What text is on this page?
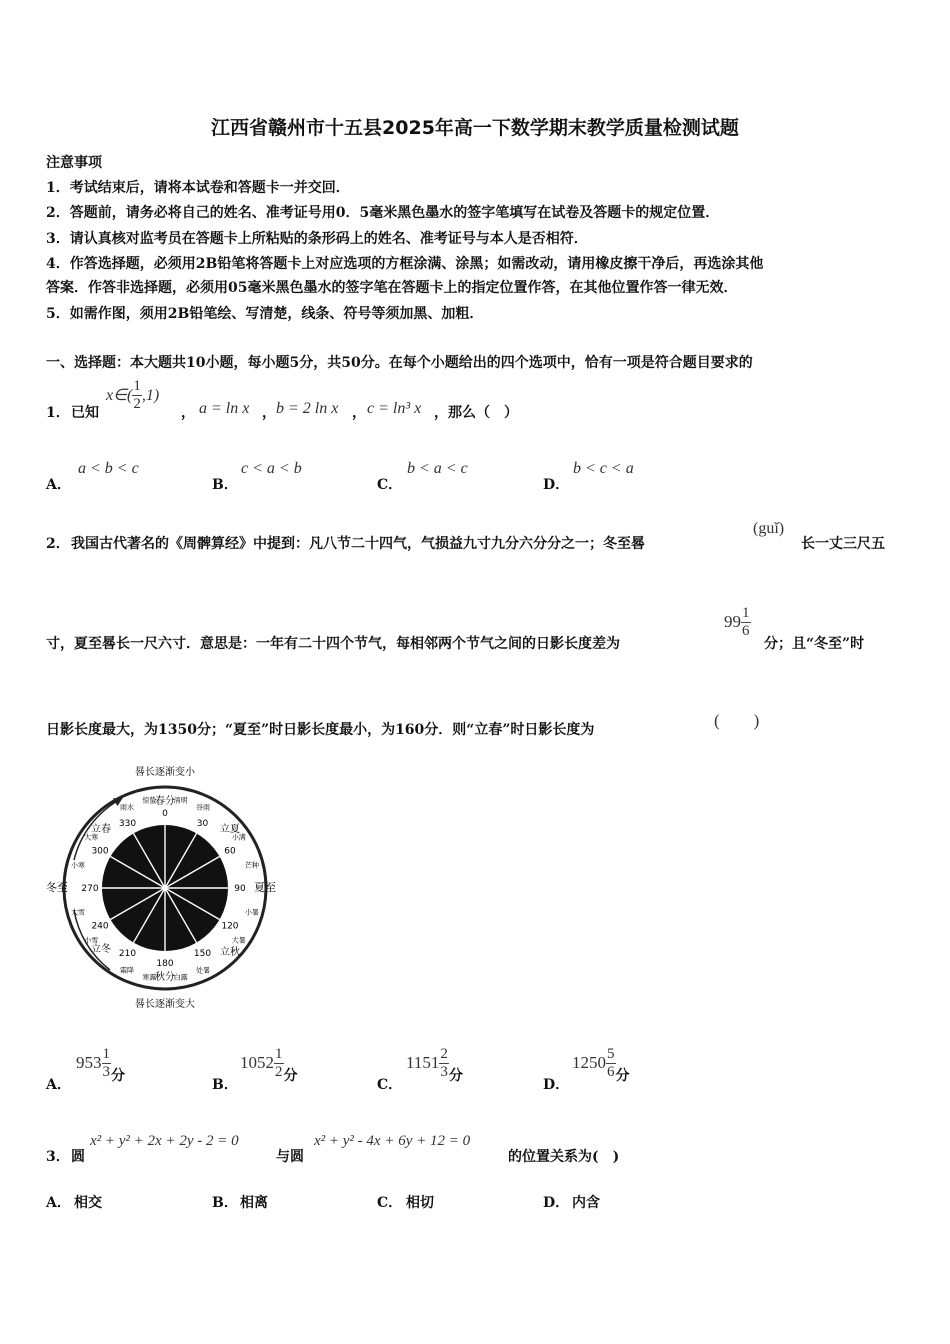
江西省赣州市十五县2025年高一下数学期末教学质量检测试题
注意事项
1．考试结束后，请将本试卷和答题卡一并交回．
2．答题前，请务必将自己的姓名、准考证号用0．5毫米黑色墨水的签字笔填写在试卷及答题卡的规定位置．
3．请认真核对监考员在答题卡上所粘贴的条形码上的姓名、准考证号与本人是否相符．
4．作答选择题，必须用2B铅笔将答题卡上对应选项的方框涂满、涂黑；如需改动，请用橡皮擦干净后，再选涂其他
答案．作答非选择题，必须用05毫米黑色墨水的签字笔在答题卡上的指定位置作答，在其他位置作答一律无效．
5．如需作图，须用2B铅笔绘、写清楚，线条、符号等须加黑、加粗．
一、选择题：本大题共10小题，每小题5分，共50分。在每个小题给出的四个选项中，恰有一项是符合题目要求的
1． 已知
x∈( $\frac{1}{2} ,1$)
， a = ln x ， b = 2 ln x ， c = ln³ x ，那么（　）
A．
a < b < c
B．
c < a < b
C．
b < a < c
D．
b < c < a
2． 我国古代著名的《周髀算经》中提到：凡八节二十四气，气损益九寸九分六分分之一；冬至晷
(guǐ)
长一丈三尺五
寸，夏至晷长一尺六寸．意思是：一年有二十四个节气，每相邻两个节气之间的日影长度差为
$99 \frac{1}{6}$
分；且“冬至”时
日影长度最大，为1350分；“夏至”时日影长度最小，为160分．则“立春”时日影长度为	(　　)
晷长逐渐变小
晷长逐渐变大
冬至	夏至
春分
秋分
立春	立夏
立秋
立冬
0
30
60
90
120
150
180
210
240
270
300
330
雨水
惊蛰 清明
谷雨
小满
芒种
小暑
大暑
处暑
白露
寒露
霜降
小雪
大雪
小寒
大寒
A．
$953 \frac{1}{3}$ 分
B．
$1052 \frac{1}{2}$ 分
C．
$1151 \frac{2}{3}$ 分
D．
$1250 \frac{5}{6}$ 分
3． 圆
x² + y² + 2x + 2y - 2 = 0
与圆
x² + y² - 4x + 6y + 12 = 0
的位置关系为(　)
A． 相交	B． 相离	C． 相切	D． 内含
